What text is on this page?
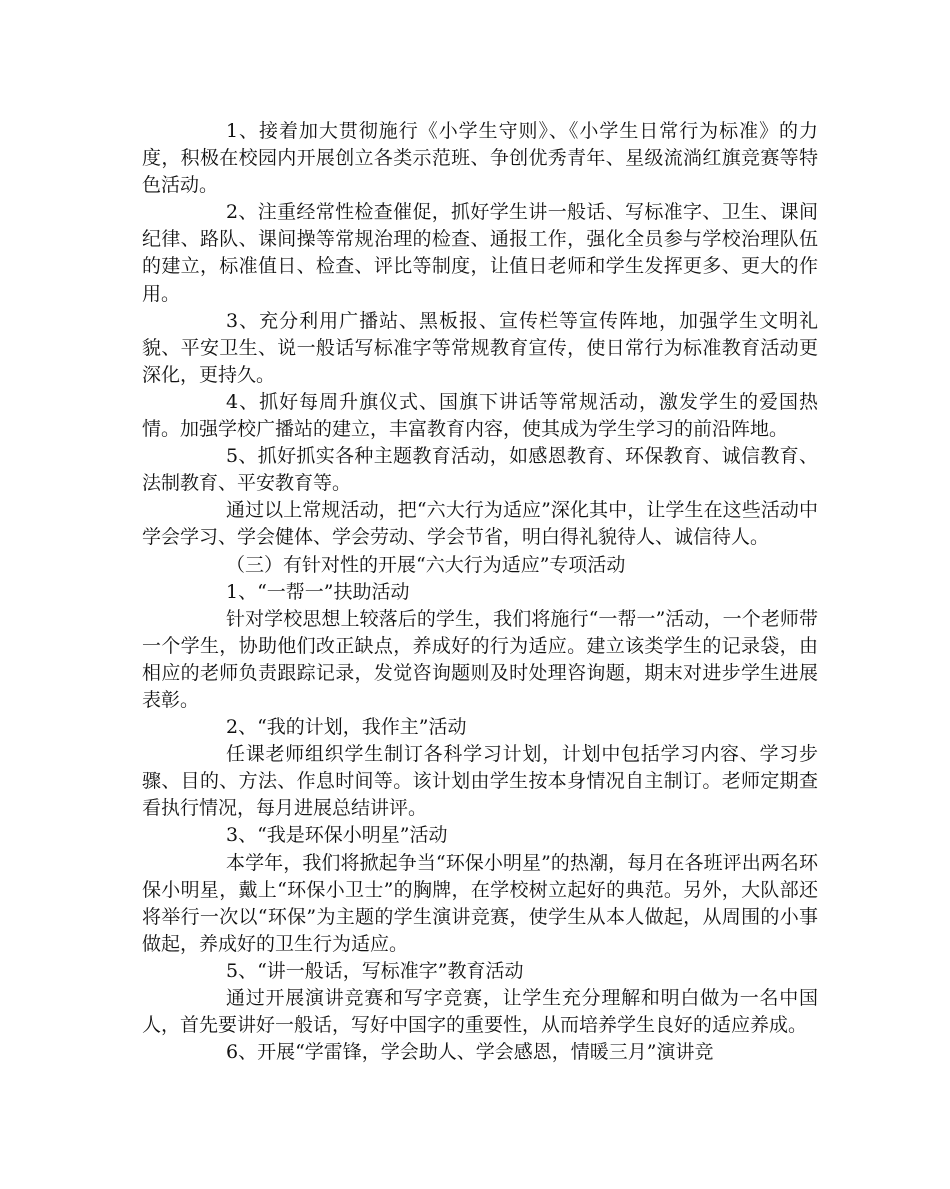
1、接着加大贯彻施行《小学生守则》、《小学生日常行为标准》的力度，积极在校园内开展创立各类示范班、争创优秀青年、星级流淌红旗竞赛等特色活动。

2、注重经常性检查催促，抓好学生讲一般话、写标准字、卫生、课间纪律、路队、课间操等常规治理的检查、通报工作，强化全员参与学校治理队伍的建立，标准值日、检查、评比等制度，让值日老师和学生发挥更多、更大的作用。

3、充分利用广播站、黑板报、宣传栏等宣传阵地，加强学生文明礼貌、平安卫生、说一般话写标准字等常规教育宣传，使日常行为标准教育活动更深化，更持久。

4、抓好每周升旗仪式、国旗下讲话等常规活动，激发学生的爱国热情。加强学校广播站的建立，丰富教育内容，使其成为学生学习的前沿阵地。

5、抓好抓实各种主题教育活动，如感恩教育、环保教育、诚信教育、法制教育、平安教育等。

通过以上常规活动，把“六大行为适应”深化其中，让学生在这些活动中学会学习、学会健体、学会劳动、学会节省，明白得礼貌待人、诚信待人。

（三）有针对性的开展“六大行为适应”专项活动

1、“一帮一”扶助活动

针对学校思想上较落后的学生，我们将施行“一帮一”活动，一个老师带一个学生，协助他们改正缺点，养成好的行为适应。建立该类学生的记录袋，由相应的老师负责跟踪记录，发觉咨询题则及时处理咨询题，期末对进步学生进展表彰。

2、“我的计划，我作主”活动

任课老师组织学生制订各科学习计划，计划中包括学习内容、学习步骤、目的、方法、作息时间等。该计划由学生按本身情况自主制订。老师定期查看执行情况，每月进展总结讲评。

3、“我是环保小明星”活动

本学年，我们将掀起争当“环保小明星”的热潮，每月在各班评出两名环保小明星，戴上“环保小卫士”的胸牌，在学校树立起好的典范。另外，大队部还将举行一次以“环保”为主题的学生演讲竞赛，使学生从本人做起，从周围的小事做起，养成好的卫生行为适应。

5、“讲一般话，写标准字”教育活动

通过开展演讲竞赛和写字竞赛，让学生充分理解和明白做为一名中国人，首先要讲好一般话，写好中国字的重要性，从而培养学生良好的适应养成。

6、开展“学雷锋，学会助人、学会感恩，情暖三月”演讲竞
